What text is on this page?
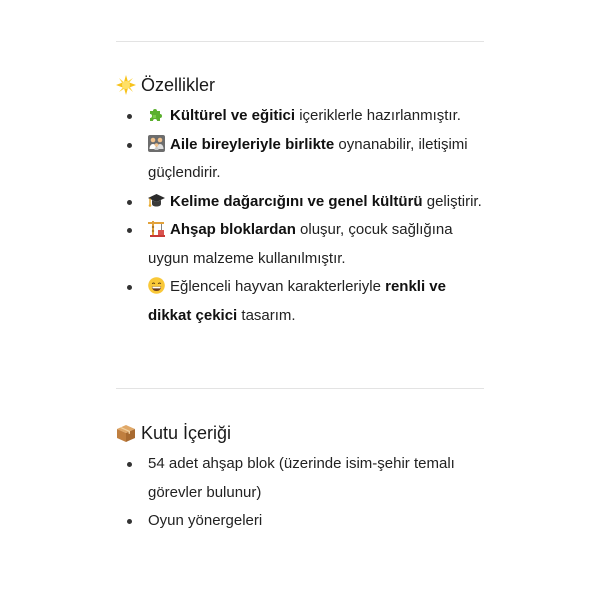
Özellikler
Kültürel ve eğitici içeriklerle hazırlanmıştır.
Aile bireyleriyle birlikte oynanabilir, iletişimi güçlendirir.
Kelime dağarcığını ve genel kültürü geliştirir.
Ahşap bloklardan oluşur, çocuk sağlığına uygun malzeme kullanılmıştır.
Eğlenceli hayvan karakterleriyle renkli ve dikkat çekici tasarım.
Kutu İçeriği
54 adet ahşap blok (üzerinde isim-şehir temalı görevler bulunur)
Oyun yönergeleri
